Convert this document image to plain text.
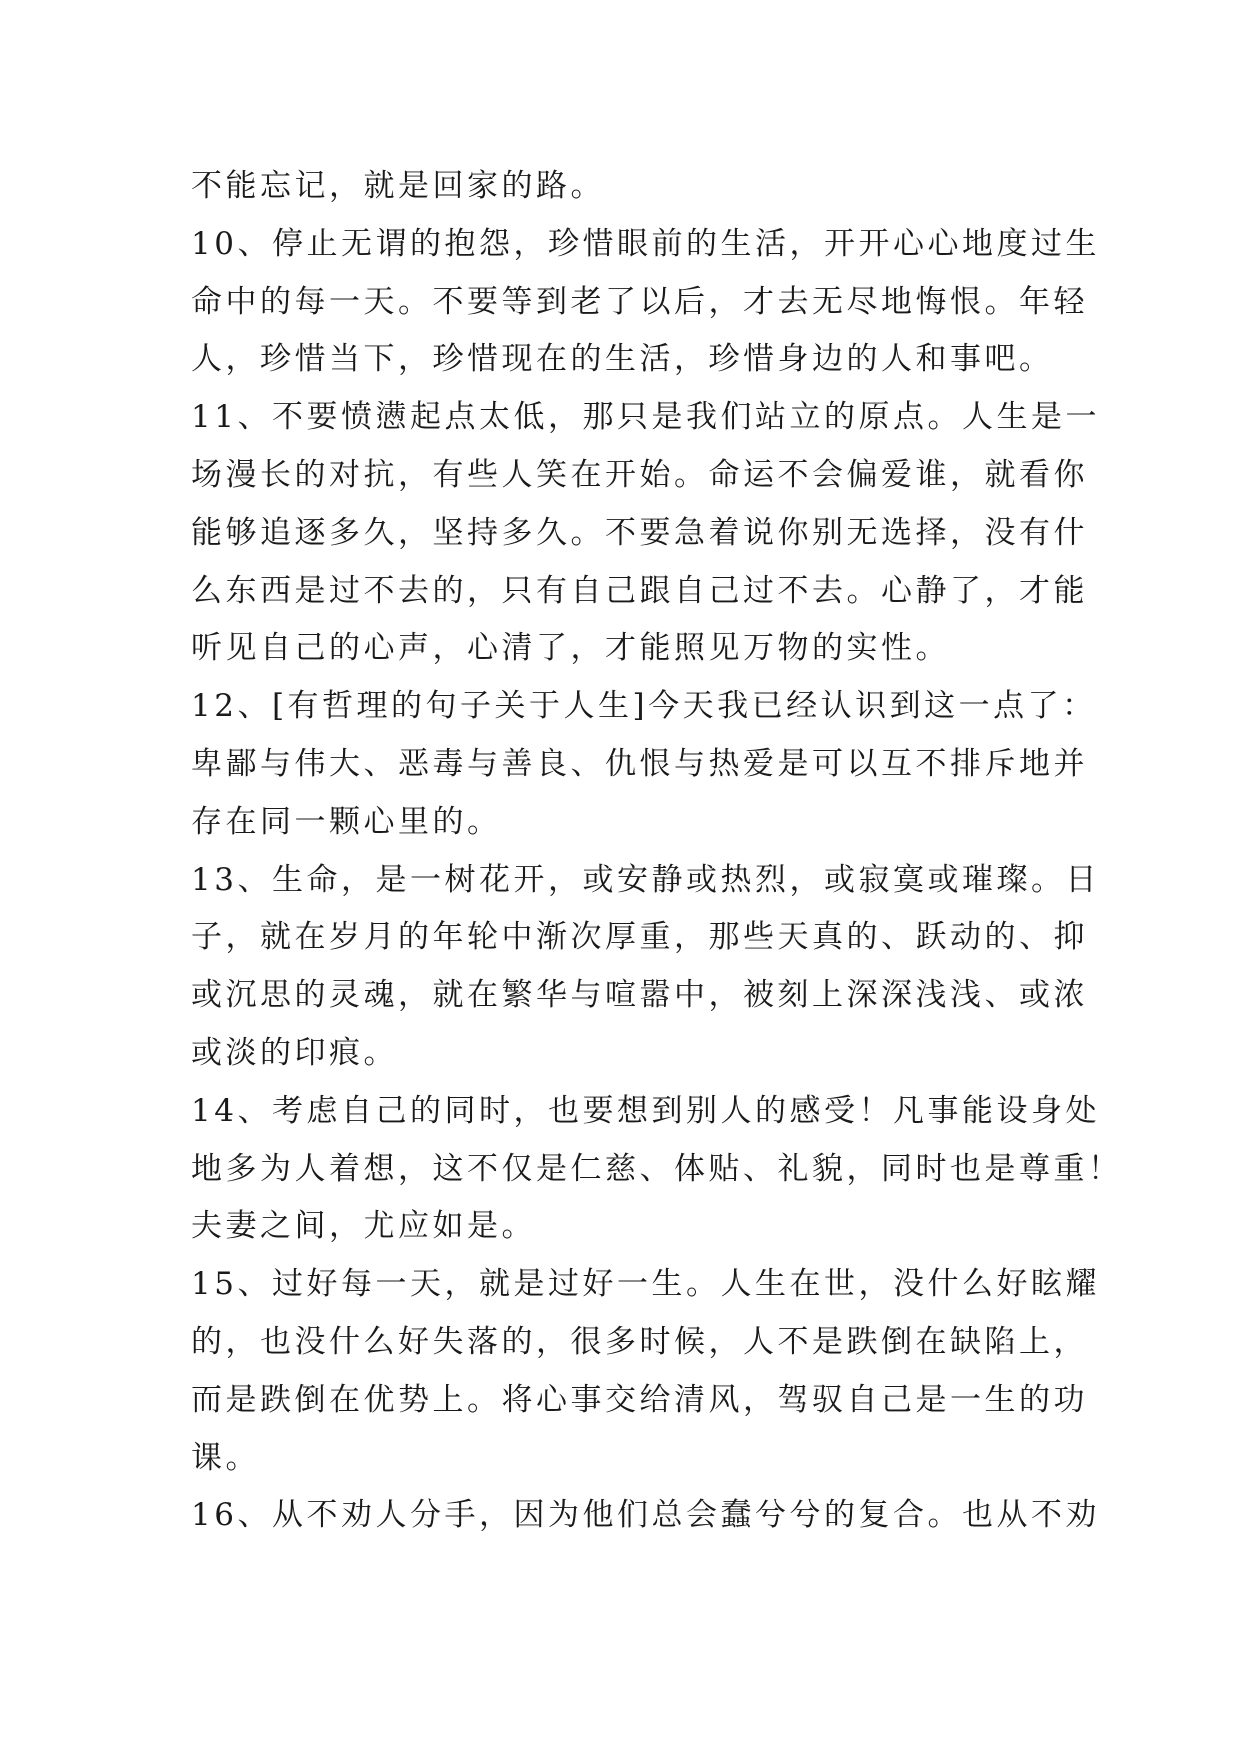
不能忘记，就是回家的路。
10、停止无谓的抱怨，珍惜眼前的生活，开开心心地度过生
命中的每一天。不要等到老了以后，才去无尽地悔恨。年轻
人，珍惜当下，珍惜现在的生活，珍惜身边的人和事吧。
11、不要愤懑起点太低，那只是我们站立的原点。人生是一
场漫长的对抗，有些人笑在开始。命运不会偏爱谁，就看你
能够追逐多久，坚持多久。不要急着说你别无选择，没有什
么东西是过不去的，只有自己跟自己过不去。心静了，才能
听见自己的心声，心清了，才能照见万物的实性。
12、[有哲理的句子关于人生]今天我已经认识到这一点了：
卑鄙与伟大、恶毒与善良、仇恨与热爱是可以互不排斥地并
存在同一颗心里的。
13、生命，是一树花开，或安静或热烈，或寂寞或璀璨。日
子，就在岁月的年轮中渐次厚重，那些天真的、跃动的、抑
或沉思的灵魂，就在繁华与喧嚣中，被刻上深深浅浅、或浓
或淡的印痕。
14、考虑自己的同时，也要想到别人的感受！凡事能设身处
地多为人着想，这不仅是仁慈、体贴、礼貌，同时也是尊重！
夫妻之间，尤应如是。
15、过好每一天，就是过好一生。人生在世，没什么好眩耀
的，也没什么好失落的，很多时候，人不是跌倒在缺陷上，
而是跌倒在优势上。将心事交给清风，驾驭自己是一生的功
课。
16、从不劝人分手，因为他们总会蠢兮兮的复合。也从不劝
